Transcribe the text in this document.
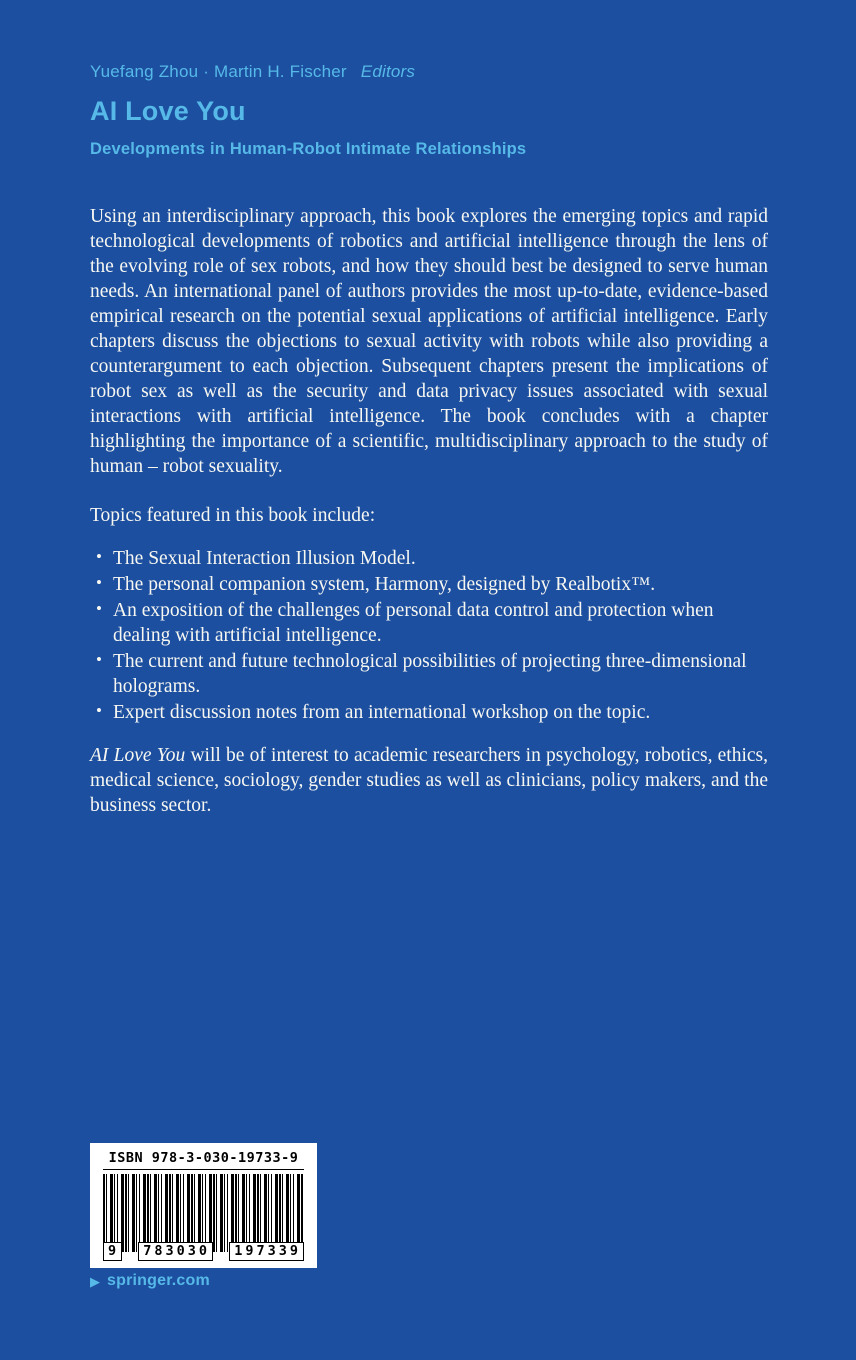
Yuefang Zhou · Martin H. Fischer Editors
AI Love You
Developments in Human-Robot Intimate Relationships

Using an interdisciplinary approach, this book explores the emerging topics and rapid technological developments of robotics and artificial intelligence through the lens of the evolving role of sex robots, and how they should best be designed to serve human needs. An international panel of authors provides the most up-to-date, evidence-based empirical research on the potential sexual applications of artificial intelligence. Early chapters discuss the objections to sexual activity with robots while also providing a counterargument to each objection. Subsequent chapters present the implications of robot sex as well as the security and data privacy issues associated with sexual interactions with artificial intelligence. The book concludes with a chapter highlighting the importance of a scientific, multidisciplinary approach to the study of human – robot sexuality.

Topics featured in this book include:

• The Sexual Interaction Illusion Model.
• The personal companion system, Harmony, designed by Realbotix™.
• An exposition of the challenges of personal data control and protection when dealing with artificial intelligence.
• The current and future technological possibilities of projecting three-dimensional holograms.
• Expert discussion notes from an international workshop on the topic.

AI Love You will be of interest to academic researchers in psychology, robotics, ethics, medical science, sociology, gender studies as well as clinicians, policy makers, and the business sector.

ISBN 978-3-030-19733-9
9	783030	197339
▶ springer.com
